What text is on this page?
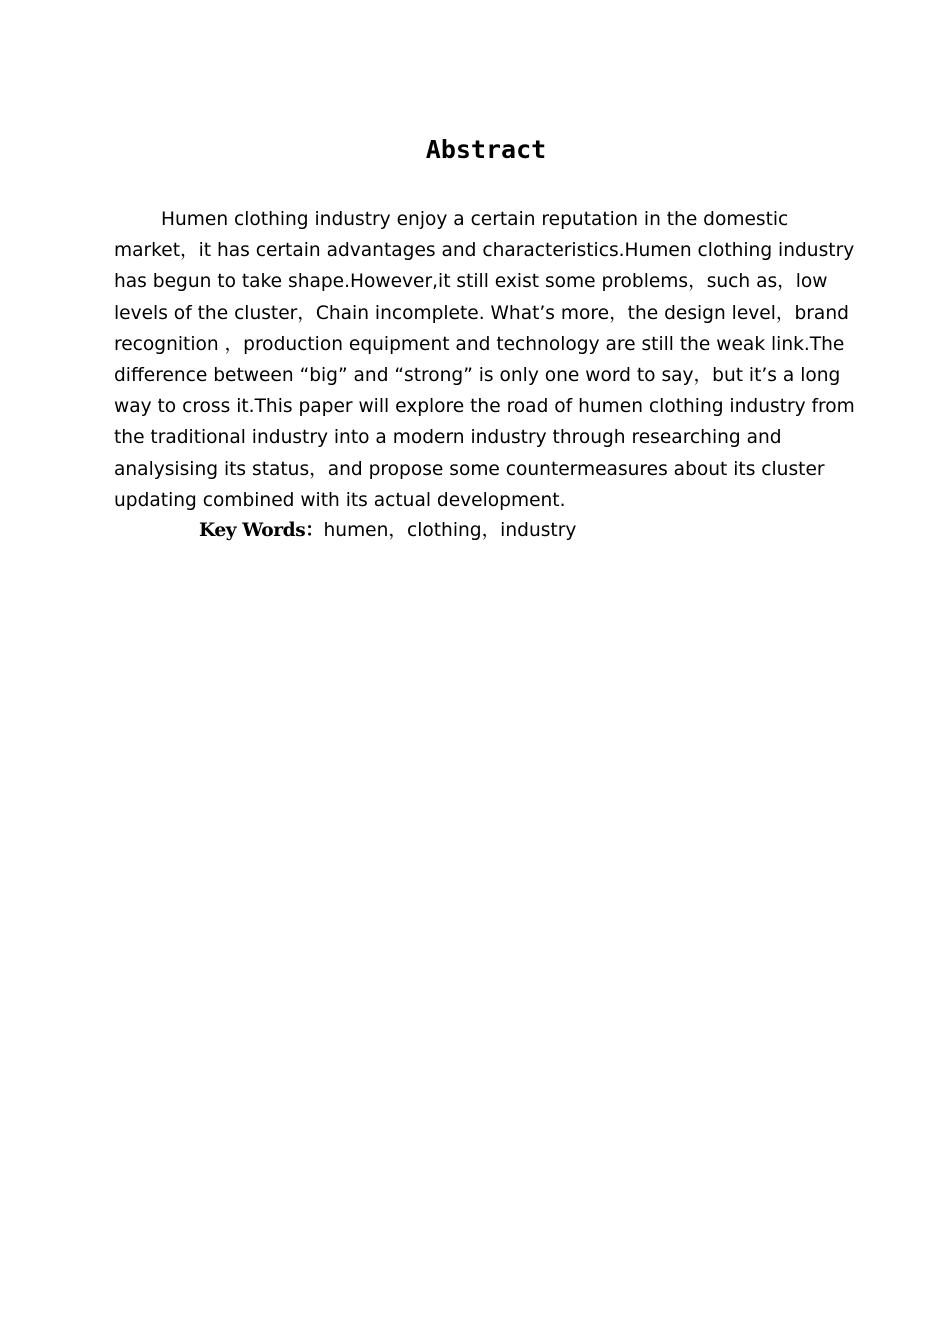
Abstract

Humen clothing industry enjoy a certain reputation in the domestic market，it has certain advantages and characteristics.Humen clothing industry has begun to take shape.However,it still exist some problems，such as，low levels of the cluster，Chain incomplete. What’s more，the design level，brand recognition ，production equipment and technology are still the weak link.The difference between “big” and “strong” is only one word to say，but it’s a long way to cross it.This paper will explore the road of humen clothing industry from the traditional industry into a modern industry through researching and analysising its status，and propose some countermeasures about its cluster updating combined with its actual development.

Key Words：humen，clothing，industry
